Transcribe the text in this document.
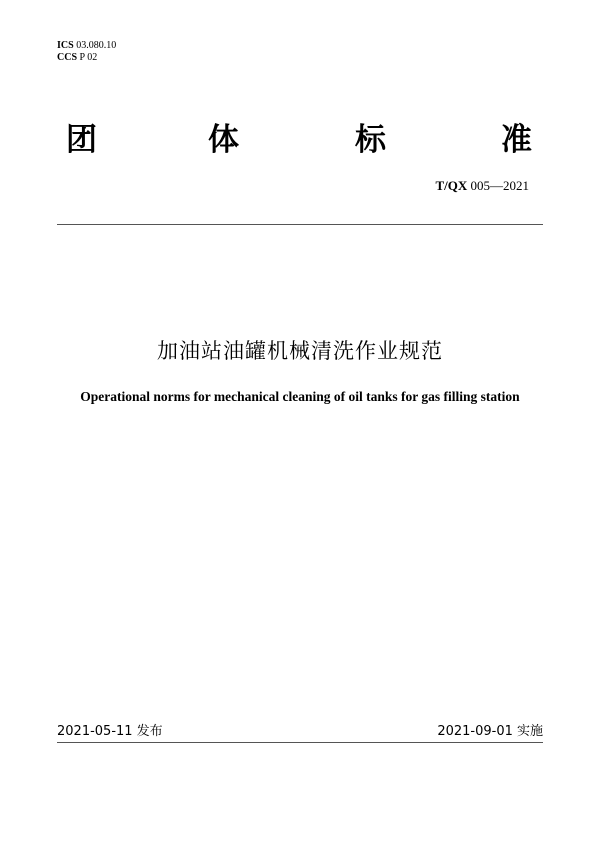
ICS 03.080.10
CCS P 02
团	体	标	准
T/QX 005—2021
加油站油罐机械清洗作业规范
Operational norms for mechanical cleaning of oil tanks for gas filling station
2021-05-11 发布	2021-09-01 实施
